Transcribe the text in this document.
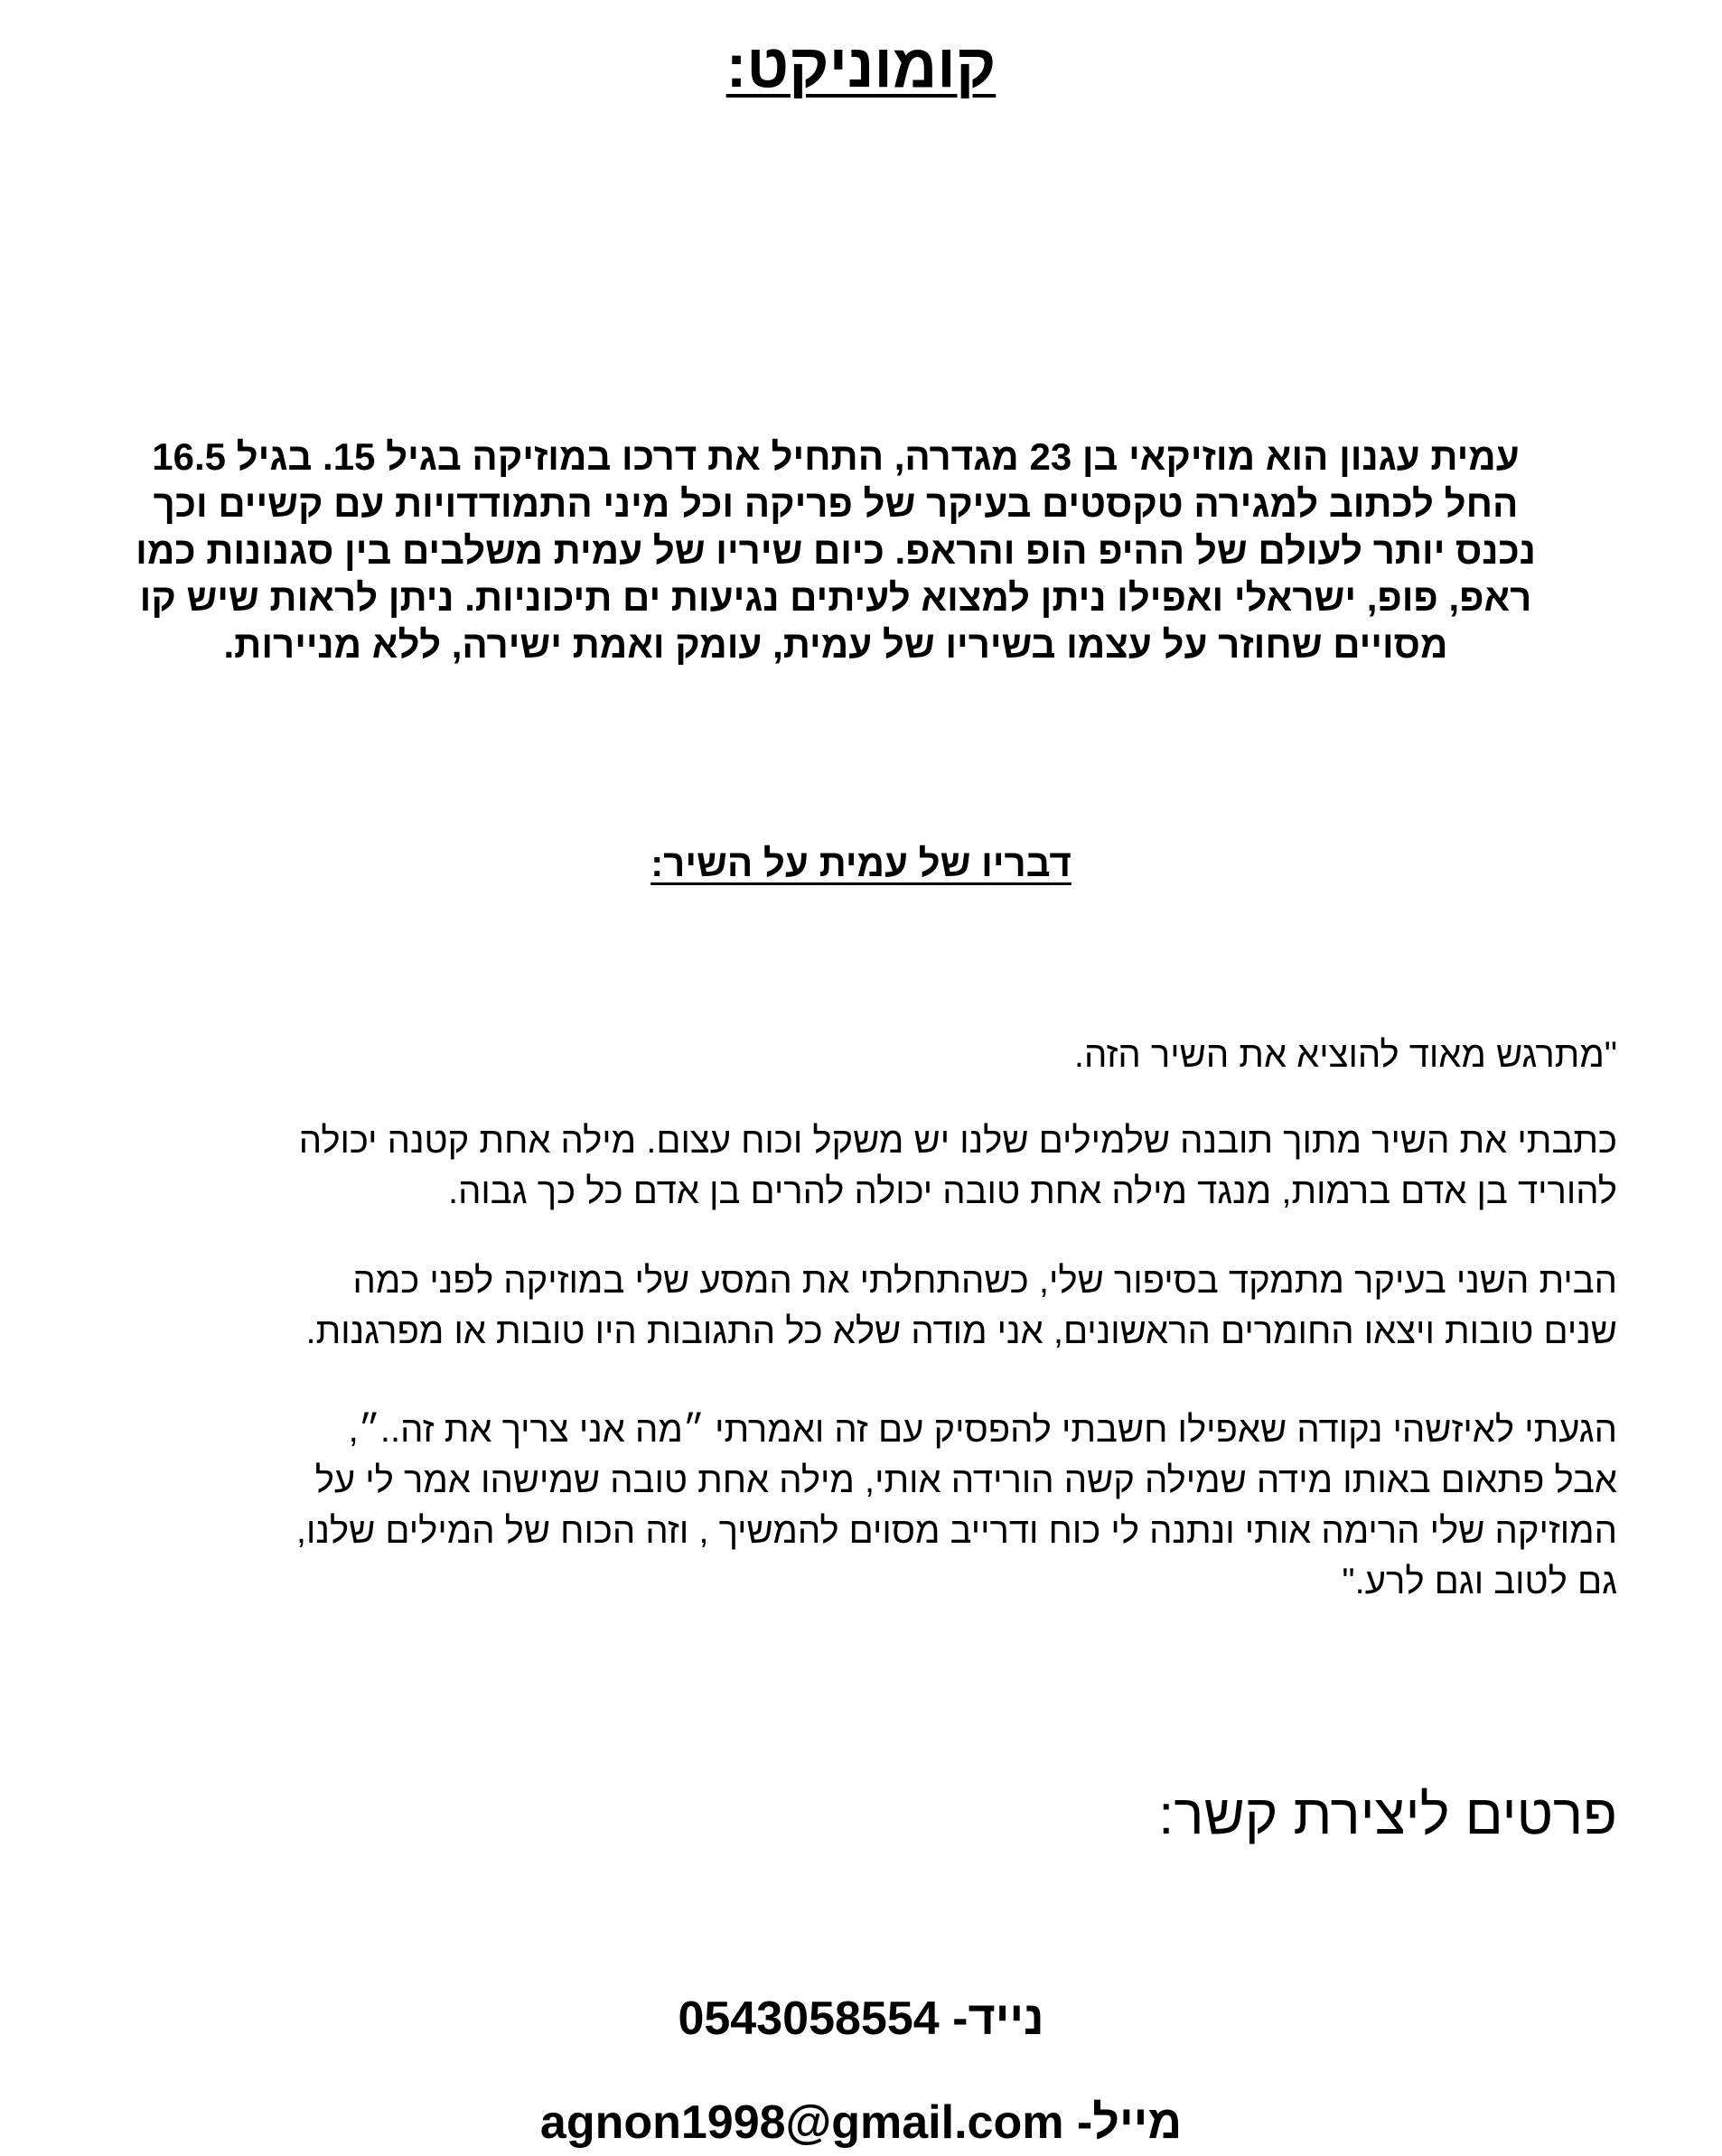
קומוניקט:
עמית עגנון הוא מוזיקאי בן 23 מגדרה, התחיל את דרכו במוזיקה בגיל 15. בגיל 16.5
החל לכתוב למגירה טקסטים בעיקר של פריקה וכל מיני התמודדויות עם קשיים וכך
נכנס יותר לעולם של ההיפ הופ והראפ. כיום שיריו של עמית משלבים בין סגנונות כמו
ראפ, פופ, ישראלי ואפילו ניתן למצוא לעיתים נגיעות ים תיכוניות. ניתן לראות שיש קו
מסויים שחוזר על עצמו בשיריו של עמית, עומק ואמת ישירה, ללא מניירות.
דבריו של עמית על השיר:
"מתרגש מאוד להוציא את השיר הזה.
כתבתי את השיר מתוך תובנה שלמילים שלנו יש משקל וכוח עצום. מילה אחת קטנה יכולה
להוריד בן אדם ברמות, מנגד מילה אחת טובה יכולה להרים בן אדם כל כך גבוה.
הבית השני בעיקר מתמקד בסיפור שלי, כשהתחלתי את המסע שלי במוזיקה לפני כמה
שנים טובות ויצאו החומרים הראשונים, אני מודה שלא כל התגובות היו טובות או מפרגנות.
הגעתי לאיזשהי נקודה שאפילו חשבתי להפסיק עם זה ואמרתי ״מה אני צריך את זה..״,
אבל פתאום באותו מידה שמילה קשה הורידה אותי, מילה אחת טובה שמישהו אמר לי על
המוזיקה שלי הרימה אותי ונתנה לי כוח ודרייב מסוים להמשיך , וזה הכוח של המילים שלנו,
גם לטוב וגם לרע."
פרטים ליצירת קשר:
נייד- 0543058554
מייל- agnon1998@gmail.com
